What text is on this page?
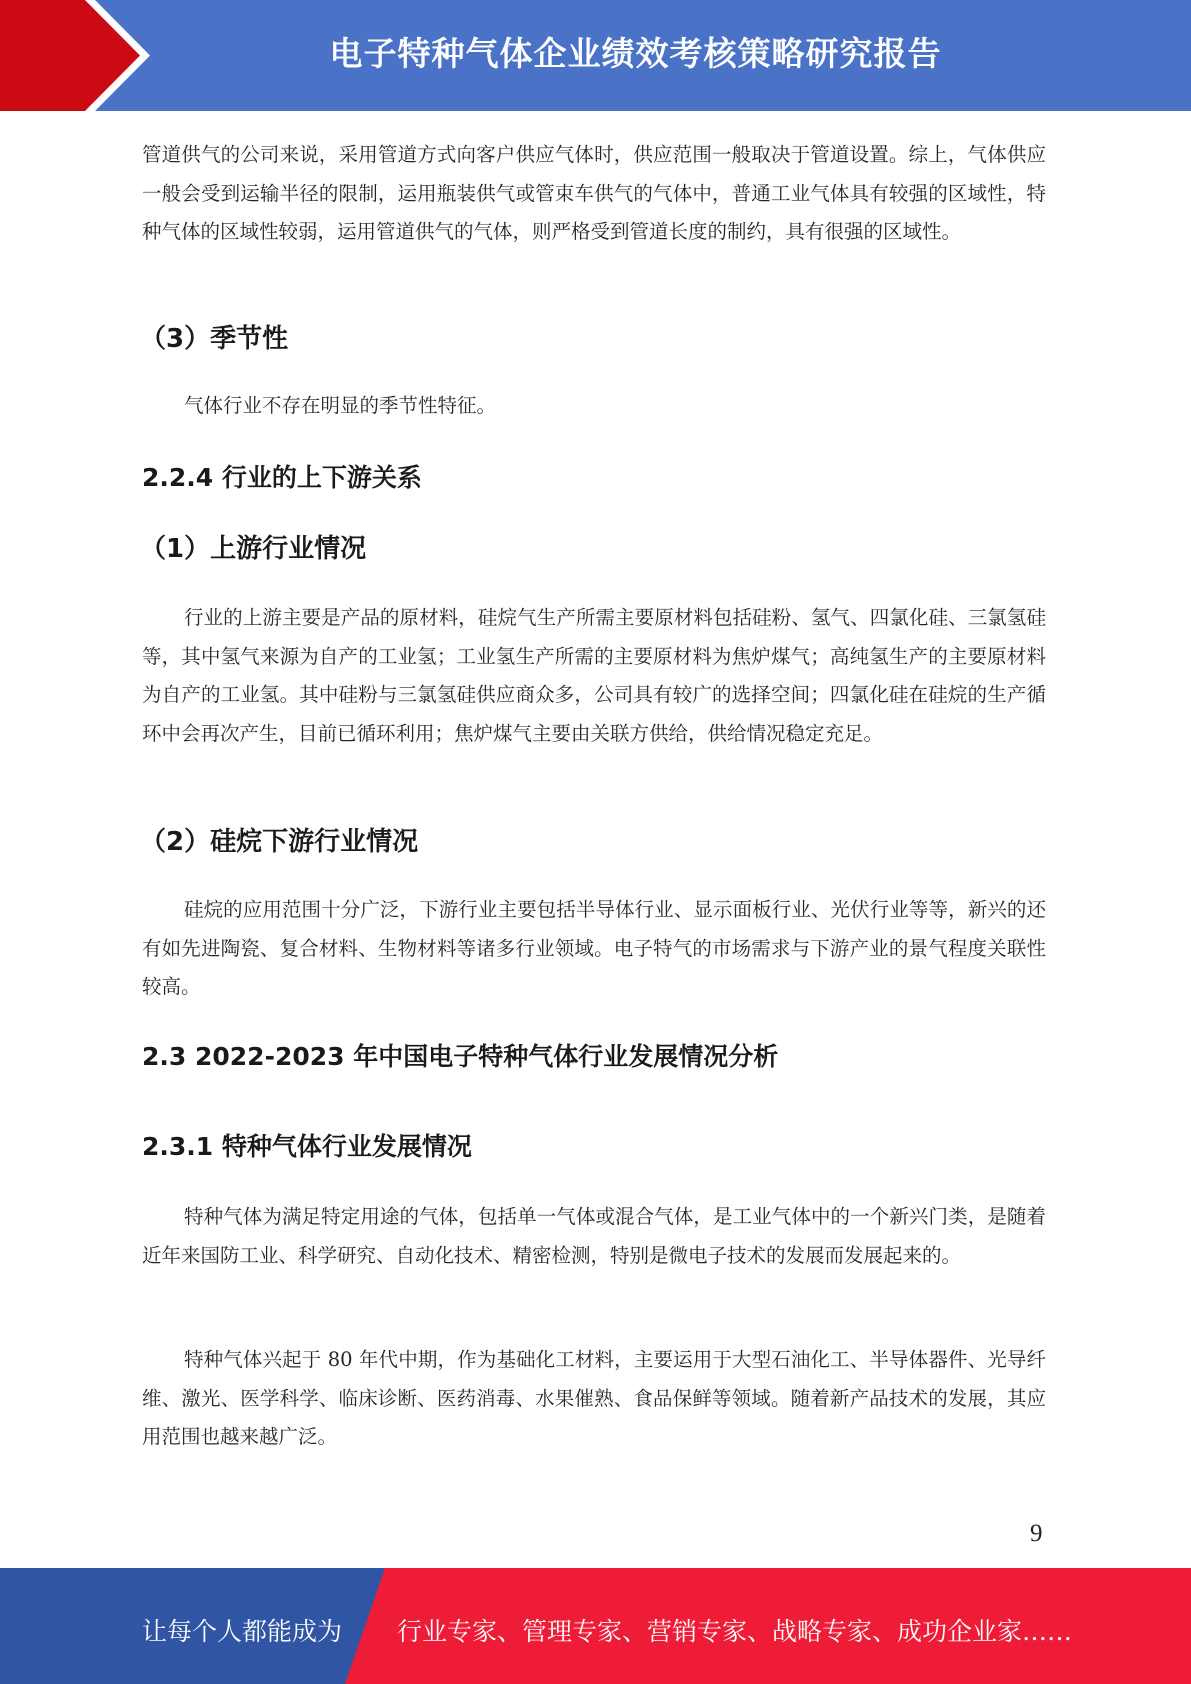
电子特种气体企业绩效考核策略研究报告

管道供气的公司来说，采用管道方式向客户供应气体时，供应范围一般取决于管道设置。综上，气体供应一般会受到运输半径的限制，运用瓶装供气或管束车供气的气体中，普通工业气体具有较强的区域性，特种气体的区域性较弱，运用管道供气的气体，则严格受到管道长度的制约，具有很强的区域性。

（3）季节性

气体行业不存在明显的季节性特征。

2.2.4 行业的上下游关系
（1）上游行业情况

行业的上游主要是产品的原材料，硅烷气生产所需主要原材料包括硅粉、氢气、四氯化硅、三氯氢硅等，其中氢气来源为自产的工业氢；工业氢生产所需的主要原材料为焦炉煤气；高纯氢生产的主要原材料为自产的工业氢。其中硅粉与三氯氢硅供应商众多，公司具有较广的选择空间；四氯化硅在硅烷的生产循环中会再次产生，目前已循环利用；焦炉煤气主要由关联方供给，供给情况稳定充足。

（2）硅烷下游行业情况

硅烷的应用范围十分广泛，下游行业主要包括半导体行业、显示面板行业、光伏行业等等，新兴的还有如先进陶瓷、复合材料、生物材料等诸多行业领域。电子特气的市场需求与下游产业的景气程度关联性较高。

2.3 2022-2023 年中国电子特种气体行业发展情况分析
2.3.1 特种气体行业发展情况

特种气体为满足特定用途的气体，包括单一气体或混合气体，是工业气体中的一个新兴门类，是随着近年来国防工业、科学研究、自动化技术、精密检测，特别是微电子技术的发展而发展起来的。

特种气体兴起于 80 年代中期，作为基础化工材料，主要运用于大型石油化工、半导体器件、光导纤维、激光、医学科学、临床诊断、医药消毒、水果催熟、食品保鲜等领域。随着新产品技术的发展，其应用范围也越来越广泛。

9
让每个人都能成为 行业专家、管理专家、营销专家、战略专家、成功企业家……
